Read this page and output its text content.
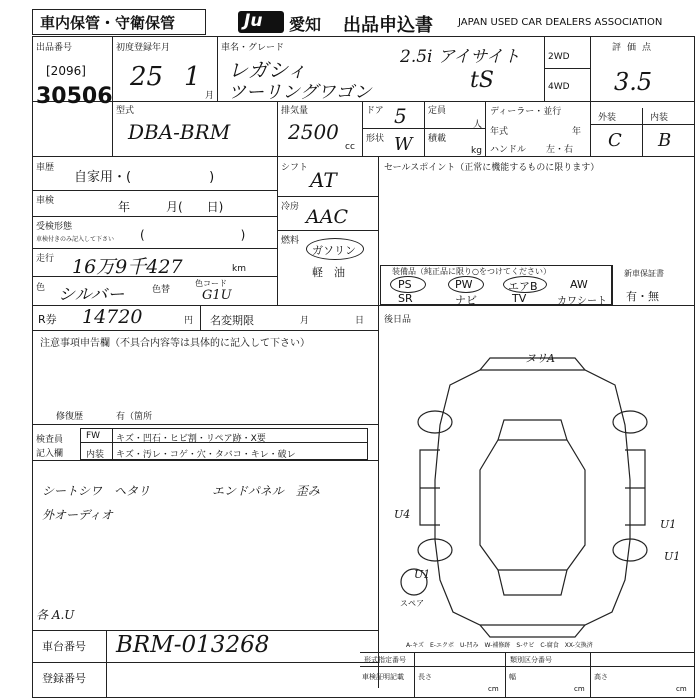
車内保管・守衛保管	Ju 愛知 出品申込書	JAPAN USED CAR DEALERS ASSOCIATION
出品番号
[2096]
30506
初度登録年月
25 1
月
車名・グレード
レガシィ
ツーリングワゴン
2.5i アイサイト
tS
2WD
4WD
評価点
3.5
型式
DBA-BRM
排気量
2500
cc
ドア 5 定員
人
形状 W 積載
kg
ディーラー・並行
年式	年
ハンドル 左・右
外装	内装
C B
車歴
自家用・(　　　　　　)
車検	年　　　月(　　日)
受検形態
車検付きのみ記入して下さい (　　　　　　　　)
走行 16万9千427	km
色 シルバー	色替
色コード
G1U
シフト AT
冷房 AAC
燃料
ガソリン
軽　油
セールスポイント（正常に機能するものに限ります）
装備品（純正品に限り○をつけてください）
PS	PW	エアB	AW
SR	ナビ	TV	カワシート
新車保証書
有・無
R券 14720	円 名変期限	月	日 後日品
注意事項申告欄（不具合内容等は具体的に記入して下さい）
修復歴	有（箇所
検査員
記入欄
FW キズ・凹石・ヒビ割・リペア跡・X要
内装 キズ・汚レ・コゲ・穴・タバコ・キレ・破レ
シートシワ　ヘタリ	エンドパネル　歪み
外オーディオ
各 A.U
ヌリA
U4
U1
U1
U1
スペア
A-キズ　E-エクボ　U-凹み　W-補修跡　S-サビ　C-腐食　XX-交換済
車台番号 BRM-013268
登録番号
形式指定番号	類別区分番号
車検証明記載 長さ
cm
幅
cm
高さ
cm
